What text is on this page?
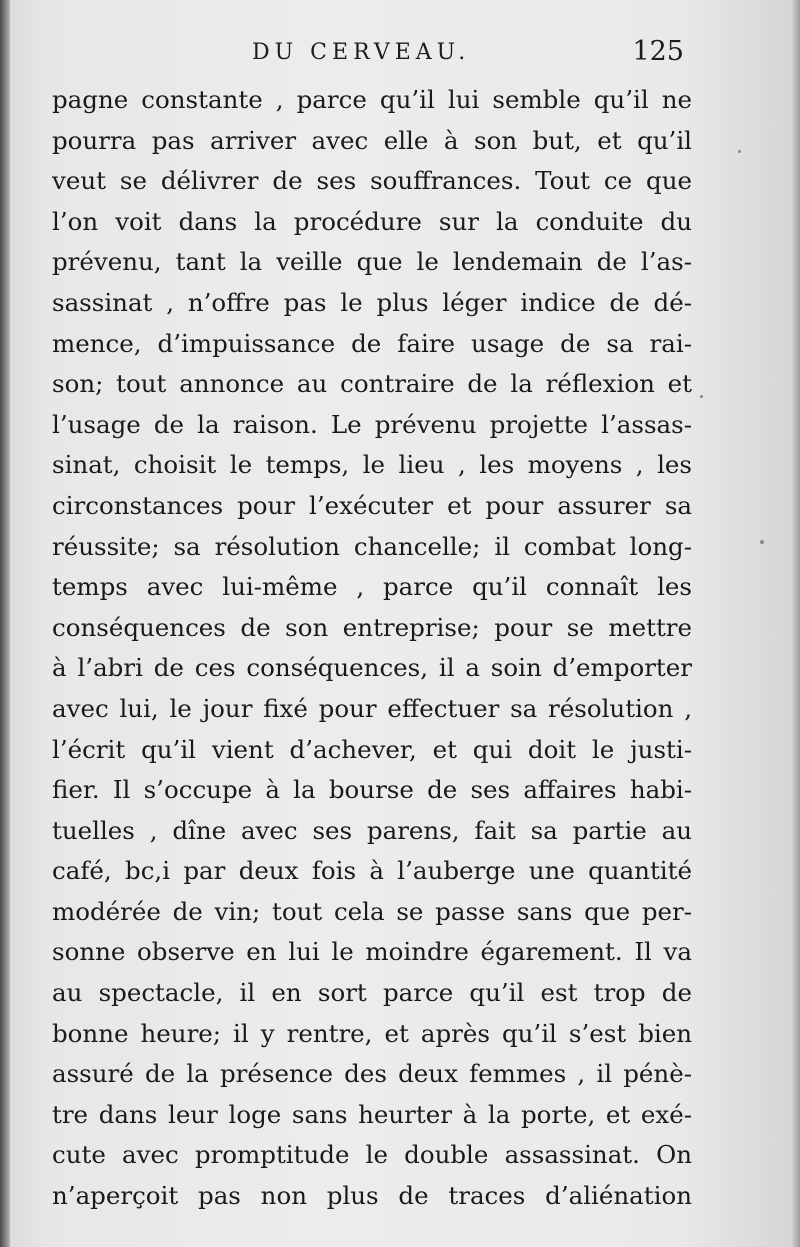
DU CERVEAU.	125
pagne constante , parce qu’il lui semble qu’il ne
pourra pas arriver avec elle à son but, et qu’il
veut se délivrer de ses souffrances. Tout ce que
l’on voit dans la procédure sur la conduite du
prévenu, tant la veille que le lendemain de l’as-
sassinat , n’offre pas le plus léger indice de dé-
mence, d’impuissance de faire usage de sa rai-
son; tout annonce au contraire de la réflexion et
l’usage de la raison. Le prévenu projette l’assas-
sinat, choisit le temps, le lieu , les moyens , les
circonstances pour l’exécuter et pour assurer sa
réussite; sa résolution chancelle; il combat long-
temps avec lui-même , parce qu’il connaît les
conséquences de son entreprise; pour se mettre
à l’abri de ces conséquences, il a soin d’emporter
avec lui, le jour fixé pour effectuer sa résolution ,
l’écrit qu’il vient d’achever, et qui doit le justi-
fier. Il s’occupe à la bourse de ses affaires habi-
tuelles , dîne avec ses parens, fait sa partie au
café, bc,i par deux fois à l’auberge une quantité
modérée de vin; tout cela se passe sans que per-
sonne observe en lui le moindre égarement. Il va
au spectacle, il en sort parce qu’il est trop de
bonne heure; il y rentre, et après qu’il s’est bien
assuré de la présence des deux femmes , il pénè-
tre dans leur loge sans heurter à la porte, et exé-
cute avec promptitude le double assassinat. On
n’aperçoit pas non plus de traces d’aliénation
